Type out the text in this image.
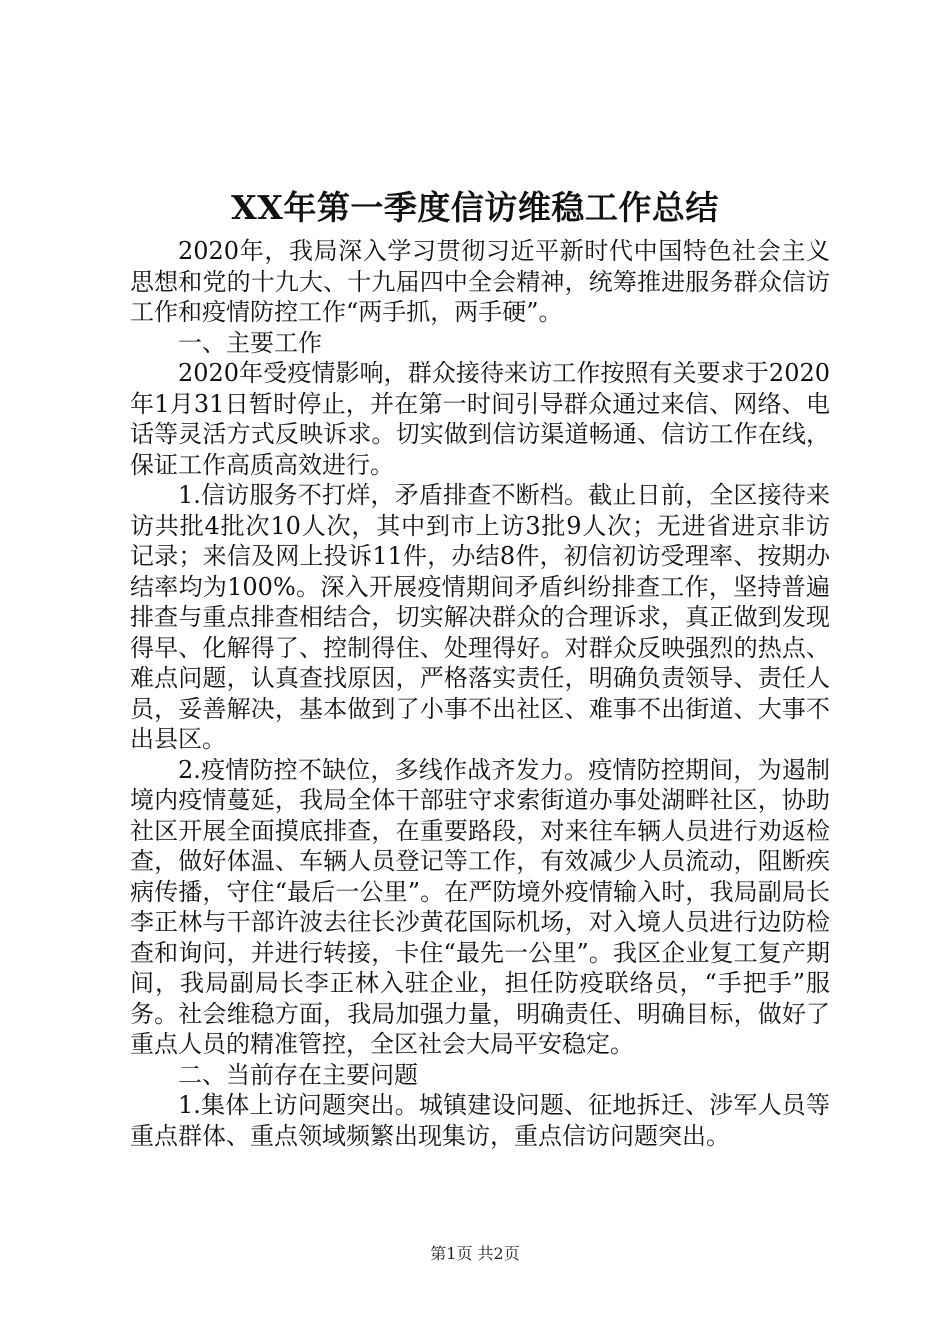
XX年第一季度信访维稳工作总结

2020年，我局深入学习贯彻习近平新时代中国特色社会主义思想和党的十九大、十九届四中全会精神，统筹推进服务群众信访工作和疫情防控工作“两手抓，两手硬”。

一、主要工作

2020年受疫情影响，群众接待来访工作按照有关要求于2020年1月31日暂时停止，并在第一时间引导群众通过来信、网络、电话等灵活方式反映诉求。切实做到信访渠道畅通、信访工作在线，保证工作高质高效进行。

1.信访服务不打烊，矛盾排查不断档。截止日前，全区接待来访共批4批次10人次，其中到市上访3批9人次；无进省进京非访记录；来信及网上投诉11件，办结8件，初信初访受理率、按期办结率均为100%。深入开展疫情期间矛盾纠纷排查工作，坚持普遍排查与重点排查相结合，切实解决群众的合理诉求，真正做到发现得早、化解得了、控制得住、处理得好。对群众反映强烈的热点、难点问题，认真查找原因，严格落实责任，明确负责领导、责任人员，妥善解决，基本做到了小事不出社区、难事不出街道、大事不出县区。

2.疫情防控不缺位，多线作战齐发力。疫情防控期间，为遏制境内疫情蔓延，我局全体干部驻守求索街道办事处湖畔社区，协助社区开展全面摸底排查，在重要路段，对来往车辆人员进行劝返检查，做好体温、车辆人员登记等工作，有效减少人员流动，阻断疾病传播，守住“最后一公里”。在严防境外疫情输入时，我局副局长李正林与干部许波去往长沙黄花国际机场，对入境人员进行边防检查和询问，并进行转接，卡住“最先一公里”。我区企业复工复产期间，我局副局长李正林入驻企业，担任防疫联络员，“手把手”服务。社会维稳方面，我局加强力量，明确责任、明确目标，做好了重点人员的精准管控，全区社会大局平安稳定。

二、当前存在主要问题

1.集体上访问题突出。城镇建设问题、征地拆迁、涉军人员等重点群体、重点领域频繁出现集访，重点信访问题突出。

第1页 共2页
